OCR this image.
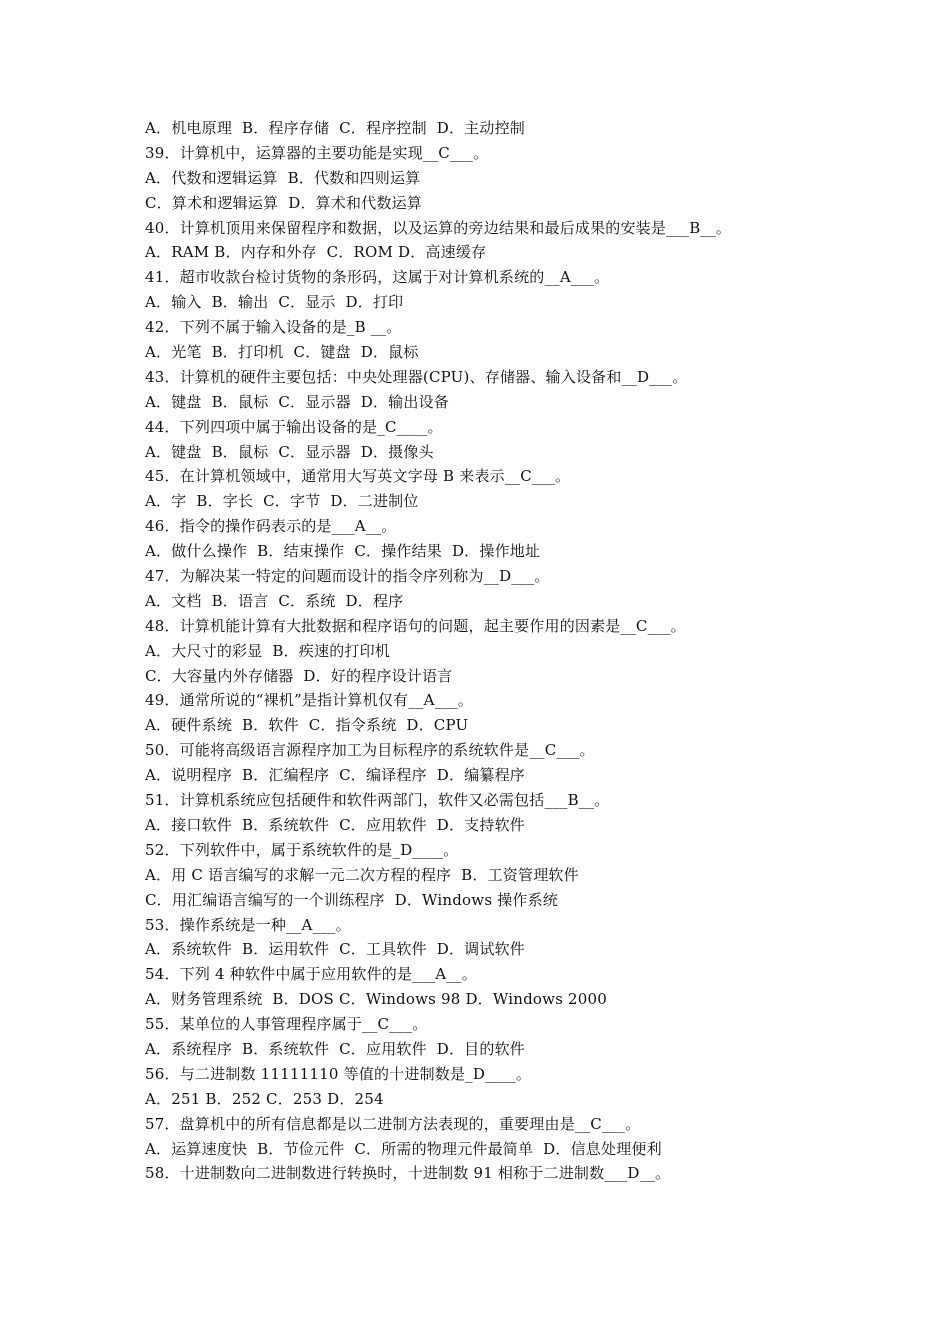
A．机电原理  B．程序存储  C．程序控制  D．主动控制
39．计算机中，运算器的主要功能是实现__C___。
A．代数和逻辑运算  B．代数和四则运算
C．算术和逻辑运算  D．算术和代数运算
40．计算机顶用来保留程序和数据，以及运算的旁边结果和最后成果的安装是___B__。
A．RAM B．内存和外存  C．ROM D．高速缓存
41．超市收款台检讨货物的条形码，这属于对计算机系统的__A___。
A．输入  B．输出  C．显示  D．打印
42．下列不属于输入设备的是_B __。
A．光笔  B．打印机  C．键盘  D．鼠标
43．计算机的硬件主要包括：中央处理器(CPU)、存储器、输入设备和__D___。
A．键盘  B．鼠标  C．显示器  D．输出设备
44．下列四项中属于输出设备的是_C____。
A．键盘  B．鼠标  C．显示器  D．摄像头
45．在计算机领域中，通常用大写英文字母 B 来表示__C___。
A．字  B．字长  C．字节  D．二进制位
46．指令的操作码表示的是___A__。
A．做什么操作  B．结束操作  C．操作结果  D．操作地址
47．为解决某一特定的问题而设计的指令序列称为__D___。
A．文档  B．语言  C．系统  D．程序
48．计算机能计算有大批数据和程序语句的问题，起主要作用的因素是__C___。
A．大尺寸的彩显  B．疾速的打印机
C．大容量内外存储器  D．好的程序设计语言
49．通常所说的“裸机”是指计算机仅有__A___。
A．硬件系统  B．软件  C．指令系统  D．CPU
50．可能将高级语言源程序加工为目标程序的系统软件是__C___。
A．说明程序  B．汇编程序  C．编译程序  D．编纂程序
51．计算机系统应包括硬件和软件两部门，软件又必需包括___B__。
A．接口软件  B．系统软件  C．应用软件  D．支持软件
52．下列软件中，属于系统软件的是_D____。
A．用 C 语言编写的求解一元二次方程的程序  B．工资管理软件
C．用汇编语言编写的一个训练程序  D．Windows 操作系统
53．操作系统是一种__A___。
A．系统软件  B．运用软件  C．工具软件  D．调试软件
54．下列 4 种软件中属于应用软件的是___A__。
A．财务管理系统  B．DOS C．Windows 98 D．Windows 2000
55．某单位的人事管理程序属于__C___。
A．系统程序  B．系统软件  C．应用软件  D．目的软件
56．与二进制数 11111110 等值的十进制数是_D____。
A．251 B．252 C．253 D．254
57．盘算机中的所有信息都是以二进制方法表现的，重要理由是__C___。
A．运算速度快  B．节俭元件  C．所需的物理元件最简单  D．信息处理便利
58．十进制数向二进制数进行转换时，十进制数 91 相称于二进制数___D__。
